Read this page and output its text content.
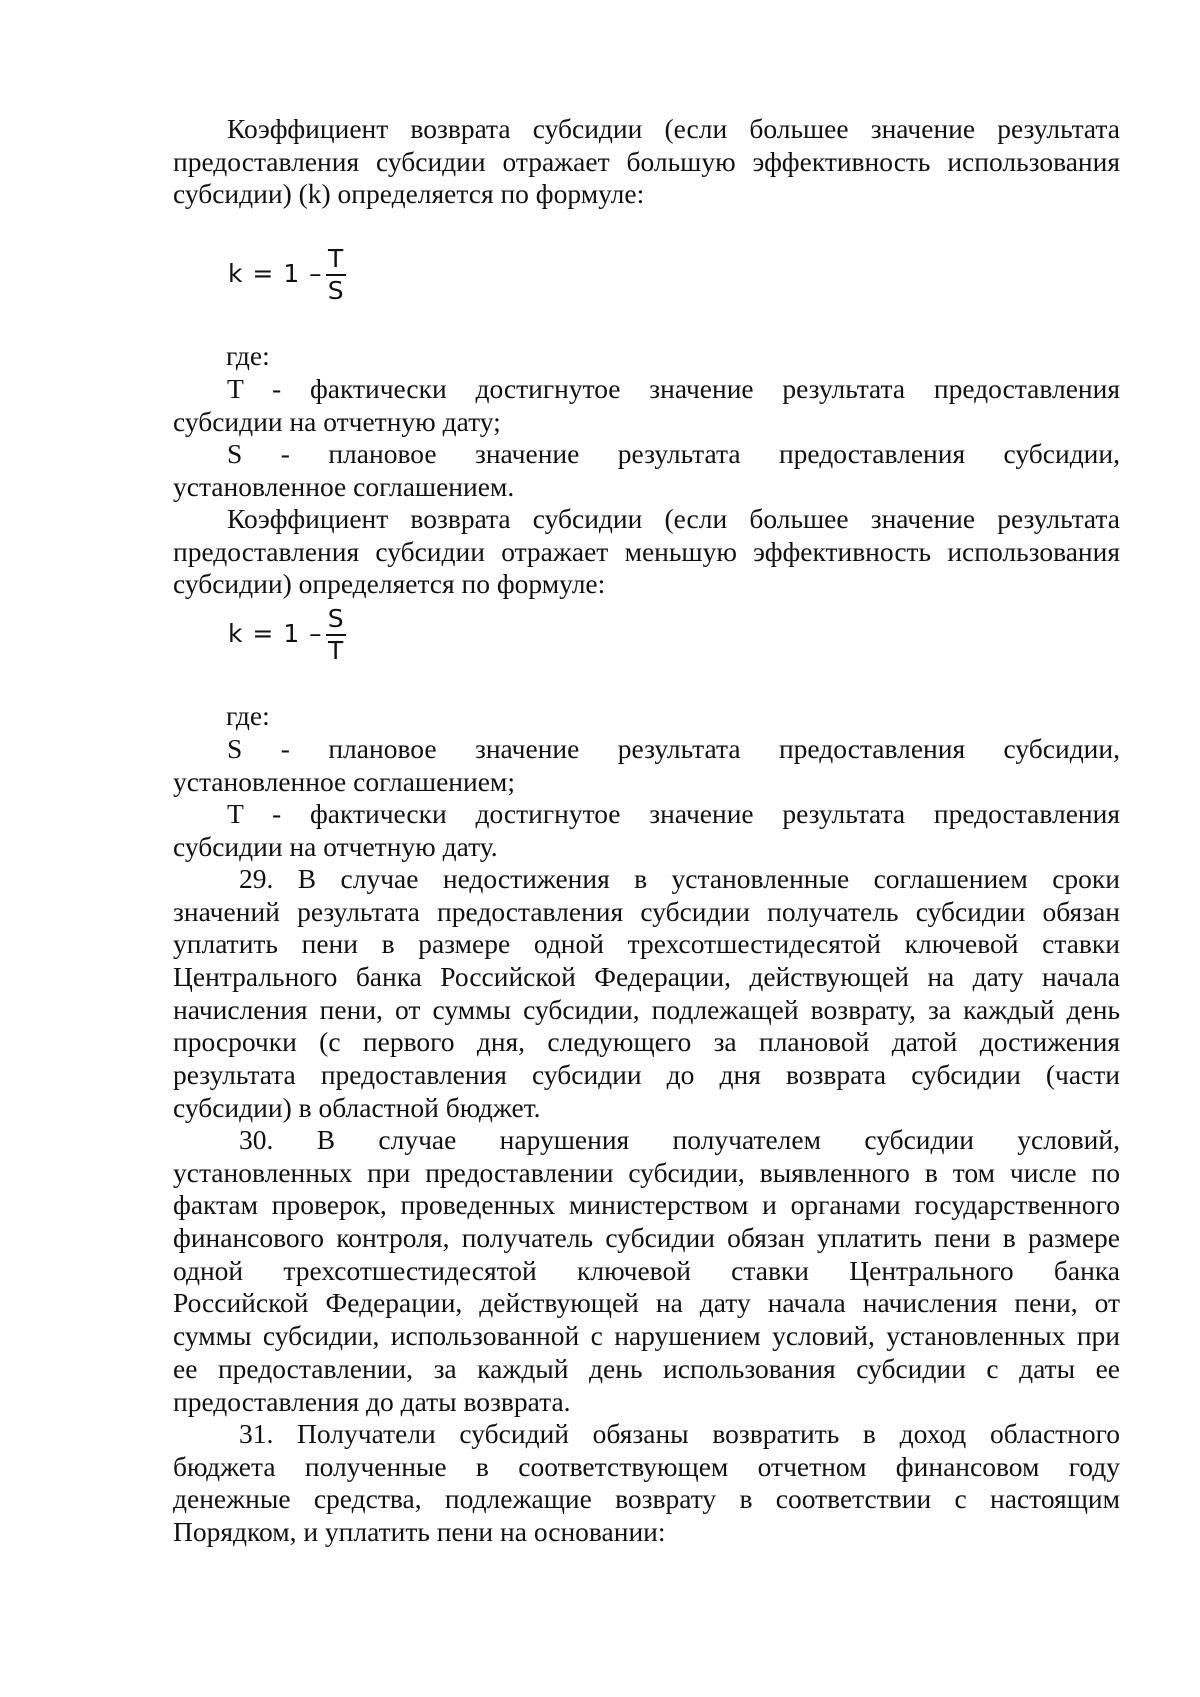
Коэффициент возврата субсидии (если большее значение результата

предоставления субсидии отражает большую эффективность использования

субсидии) (k) определяется по формуле:

$k = 1 - \frac{T}{S}$

где:

T - фактически достигнутое значение результата предоставления

субсидии на отчетную дату;

S - плановое значение результата предоставления субсидии,

установленное соглашением.

Коэффициент возврата субсидии (если большее значение результата

предоставления субсидии отражает меньшую эффективность использования

субсидии) определяется по формуле:

$k = 1 - \frac{S}{T}$

где:

S - плановое значение результата предоставления субсидии,

установленное соглашением;

T - фактически достигнутое значение результата предоставления

субсидии на отчетную дату.

29. В случае недостижения в установленные соглашением сроки

значений результата предоставления субсидии получатель субсидии обязан

уплатить пени в размере одной трехсотшестидесятой ключевой ставки

Центрального банка Российской Федерации, действующей на дату начала

начисления пени, от суммы субсидии, подлежащей возврату, за каждый день

просрочки (с первого дня, следующего за плановой датой достижения

результата предоставления субсидии до дня возврата субсидии (части

субсидии) в областной бюджет.

30. В случае нарушения получателем субсидии условий,

установленных при предоставлении субсидии, выявленного в том числе по

фактам проверок, проведенных министерством и органами государственного

финансового контроля, получатель субсидии обязан уплатить пени в размере

одной трехсотшестидесятой ключевой ставки Центрального банка

Российской Федерации, действующей на дату начала начисления пени, от

суммы субсидии, использованной с нарушением условий, установленных при

ее предоставлении, за каждый день использования субсидии с даты ее

предоставления до даты возврата.

31. Получатели субсидий обязаны возвратить в доход областного

бюджета полученные в соответствующем отчетном финансовом году

денежные средства, подлежащие возврату в соответствии с настоящим

Порядком, и уплатить пени на основании:
